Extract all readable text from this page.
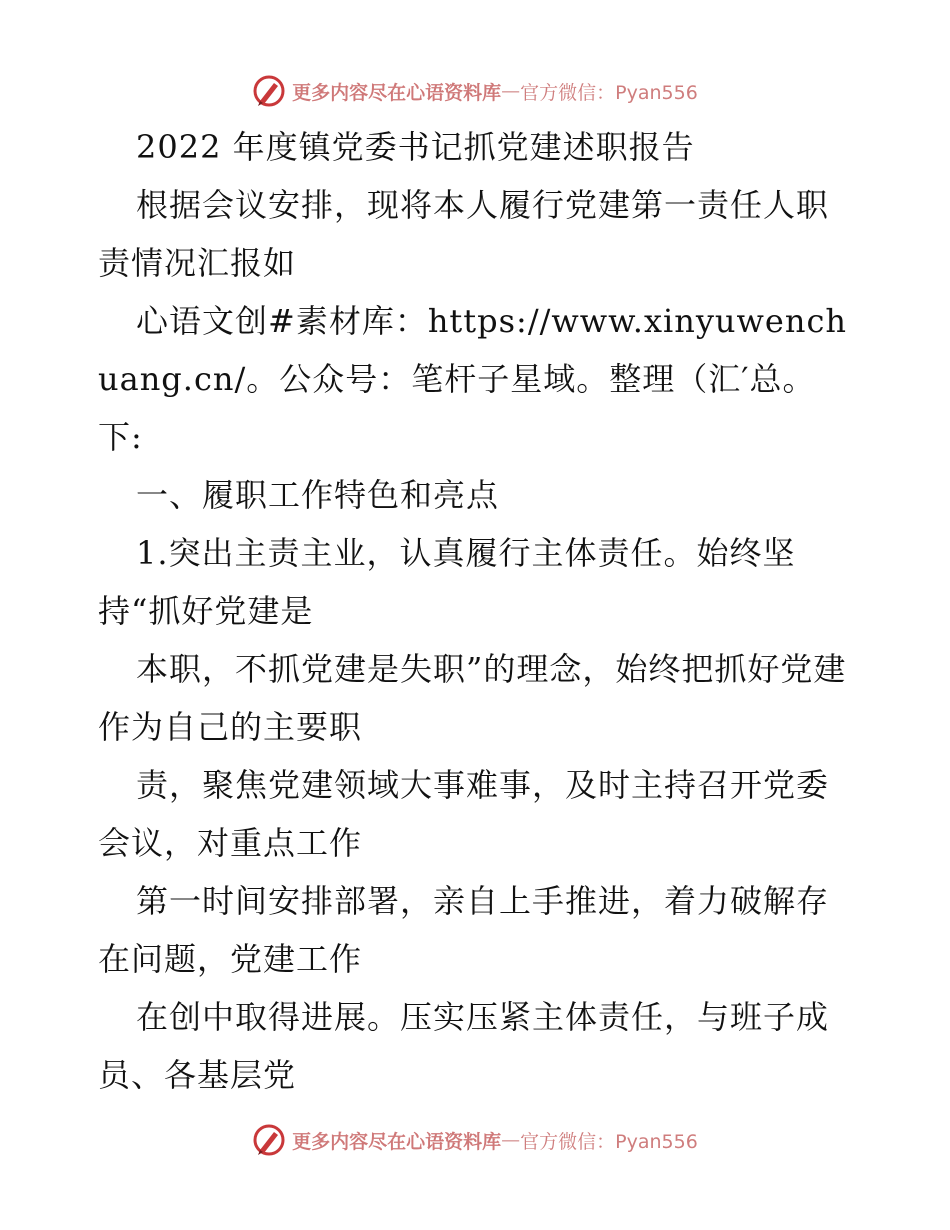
更多内容尽在心语资料库 — 官方微信：Pyan556

2022 年度镇党委书记抓党建述职报告

根据会议安排，现将本人履行党建第一责任人职责情况汇报如

心语文创#素材库：https://www.xinyuwenchuang.cn/。公众号：笔杆子星域。整理（汇′总。下:

一、履职工作特色和亮点

1.突出主责主业，认真履行主体责任。始终坚持“抓好党建是

本职，不抓党建是失职”的理念，始终把抓好党建作为自己的主要职

责，聚焦党建领域大事难事，及时主持召开党委会议，对重点工作

第一时间安排部署，亲自上手推进，着力破解存在问题，党建工作

在创中取得进展。压实压紧主体责任，与班子成员、各基层党

更多内容尽在心语资料库 — 官方微信：Pyan556
